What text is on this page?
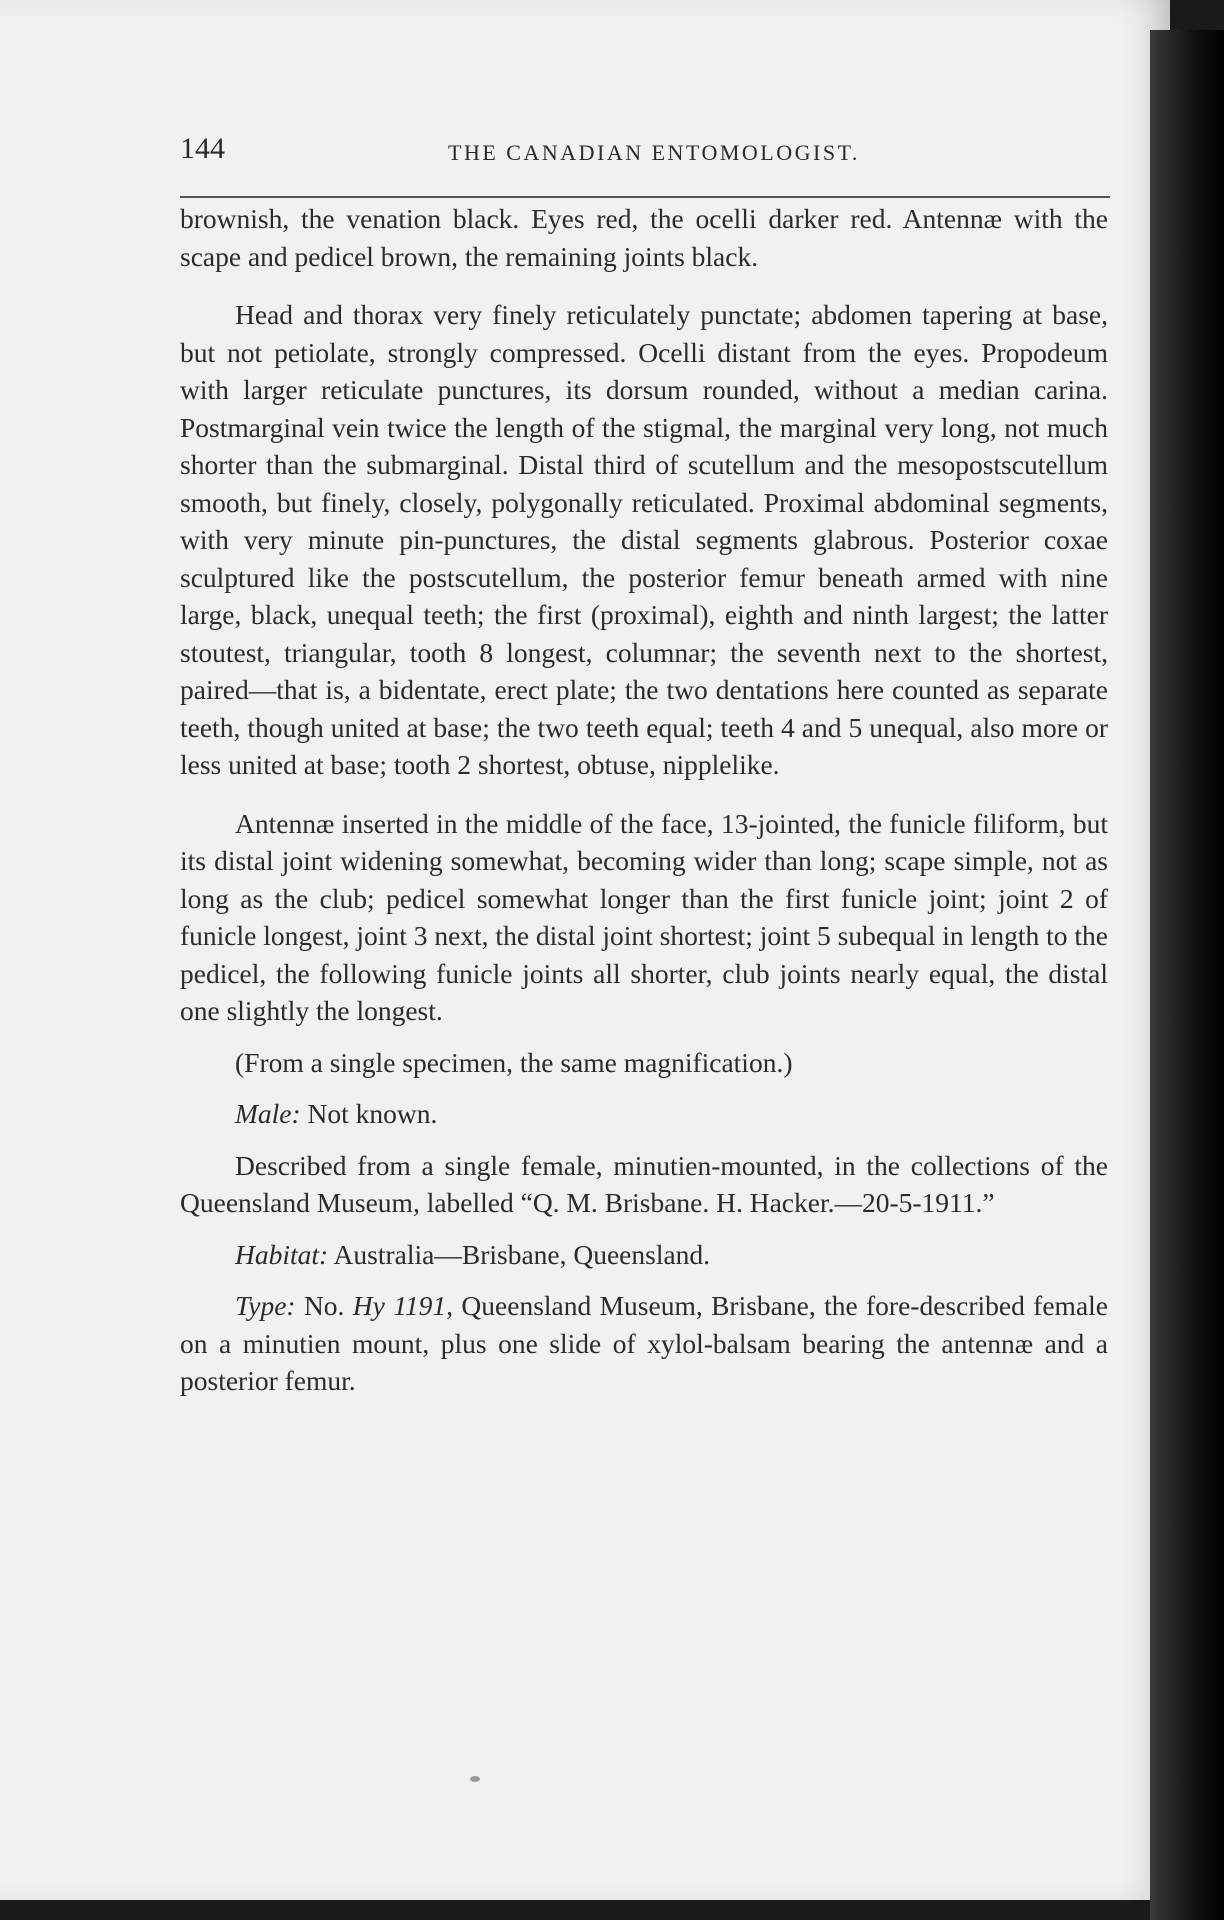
144	THE CANADIAN ENTOMOLOGIST.

brownish, the venation black. Eyes red, the ocelli darker red. Antennæ with the scape and pedicel brown, the remaining joints black.

Head and thorax very finely reticulately punctate; abdomen tapering at base, but not petiolate, strongly compressed. Ocelli distant from the eyes. Propodeum with larger reticulate punctures, its dorsum rounded, without a median carina. Postmarginal vein twice the length of the stigmal, the marginal very long, not much shorter than the submarginal. Distal third of scutellum and the mesopostscutellum smooth, but finely, closely, polygonally reticulated. Proximal abdominal segments, with very minute pin-punctures, the distal segments glabrous. Posterior coxae sculptured like the postscutellum, the posterior femur beneath armed with nine large, black, unequal teeth; the first (proximal), eighth and ninth largest; the latter stoutest, triangular, tooth 8 longest, columnar; the seventh next to the shortest, paired—that is, a bidentate, erect plate; the two dentations here counted as separate teeth, though united at base; the two teeth equal; teeth 4 and 5 unequal, also more or less united at base; tooth 2 shortest, obtuse, nipplelike.

Antennæ inserted in the middle of the face, 13-jointed, the funicle filiform, but its distal joint widening somewhat, becoming wider than long; scape simple, not as long as the club; pedicel somewhat longer than the first funicle joint; joint 2 of funicle longest, joint 3 next, the distal joint shortest; joint 5 subequal in length to the pedicel, the following funicle joints all shorter, club joints nearly equal, the distal one slightly the longest.

(From a single specimen, the same magnification.)

Male: Not known.

Described from a single female, minutien-mounted, in the collections of the Queensland Museum, labelled “Q. M. Brisbane. H. Hacker.—20-5-1911.”

Habitat: Australia—Brisbane, Queensland.

Type: No. Hy 1191, Queensland Museum, Brisbane, the fore-described female on a minutien mount, plus one slide of xylol-balsam bearing the antennæ and a posterior femur.
